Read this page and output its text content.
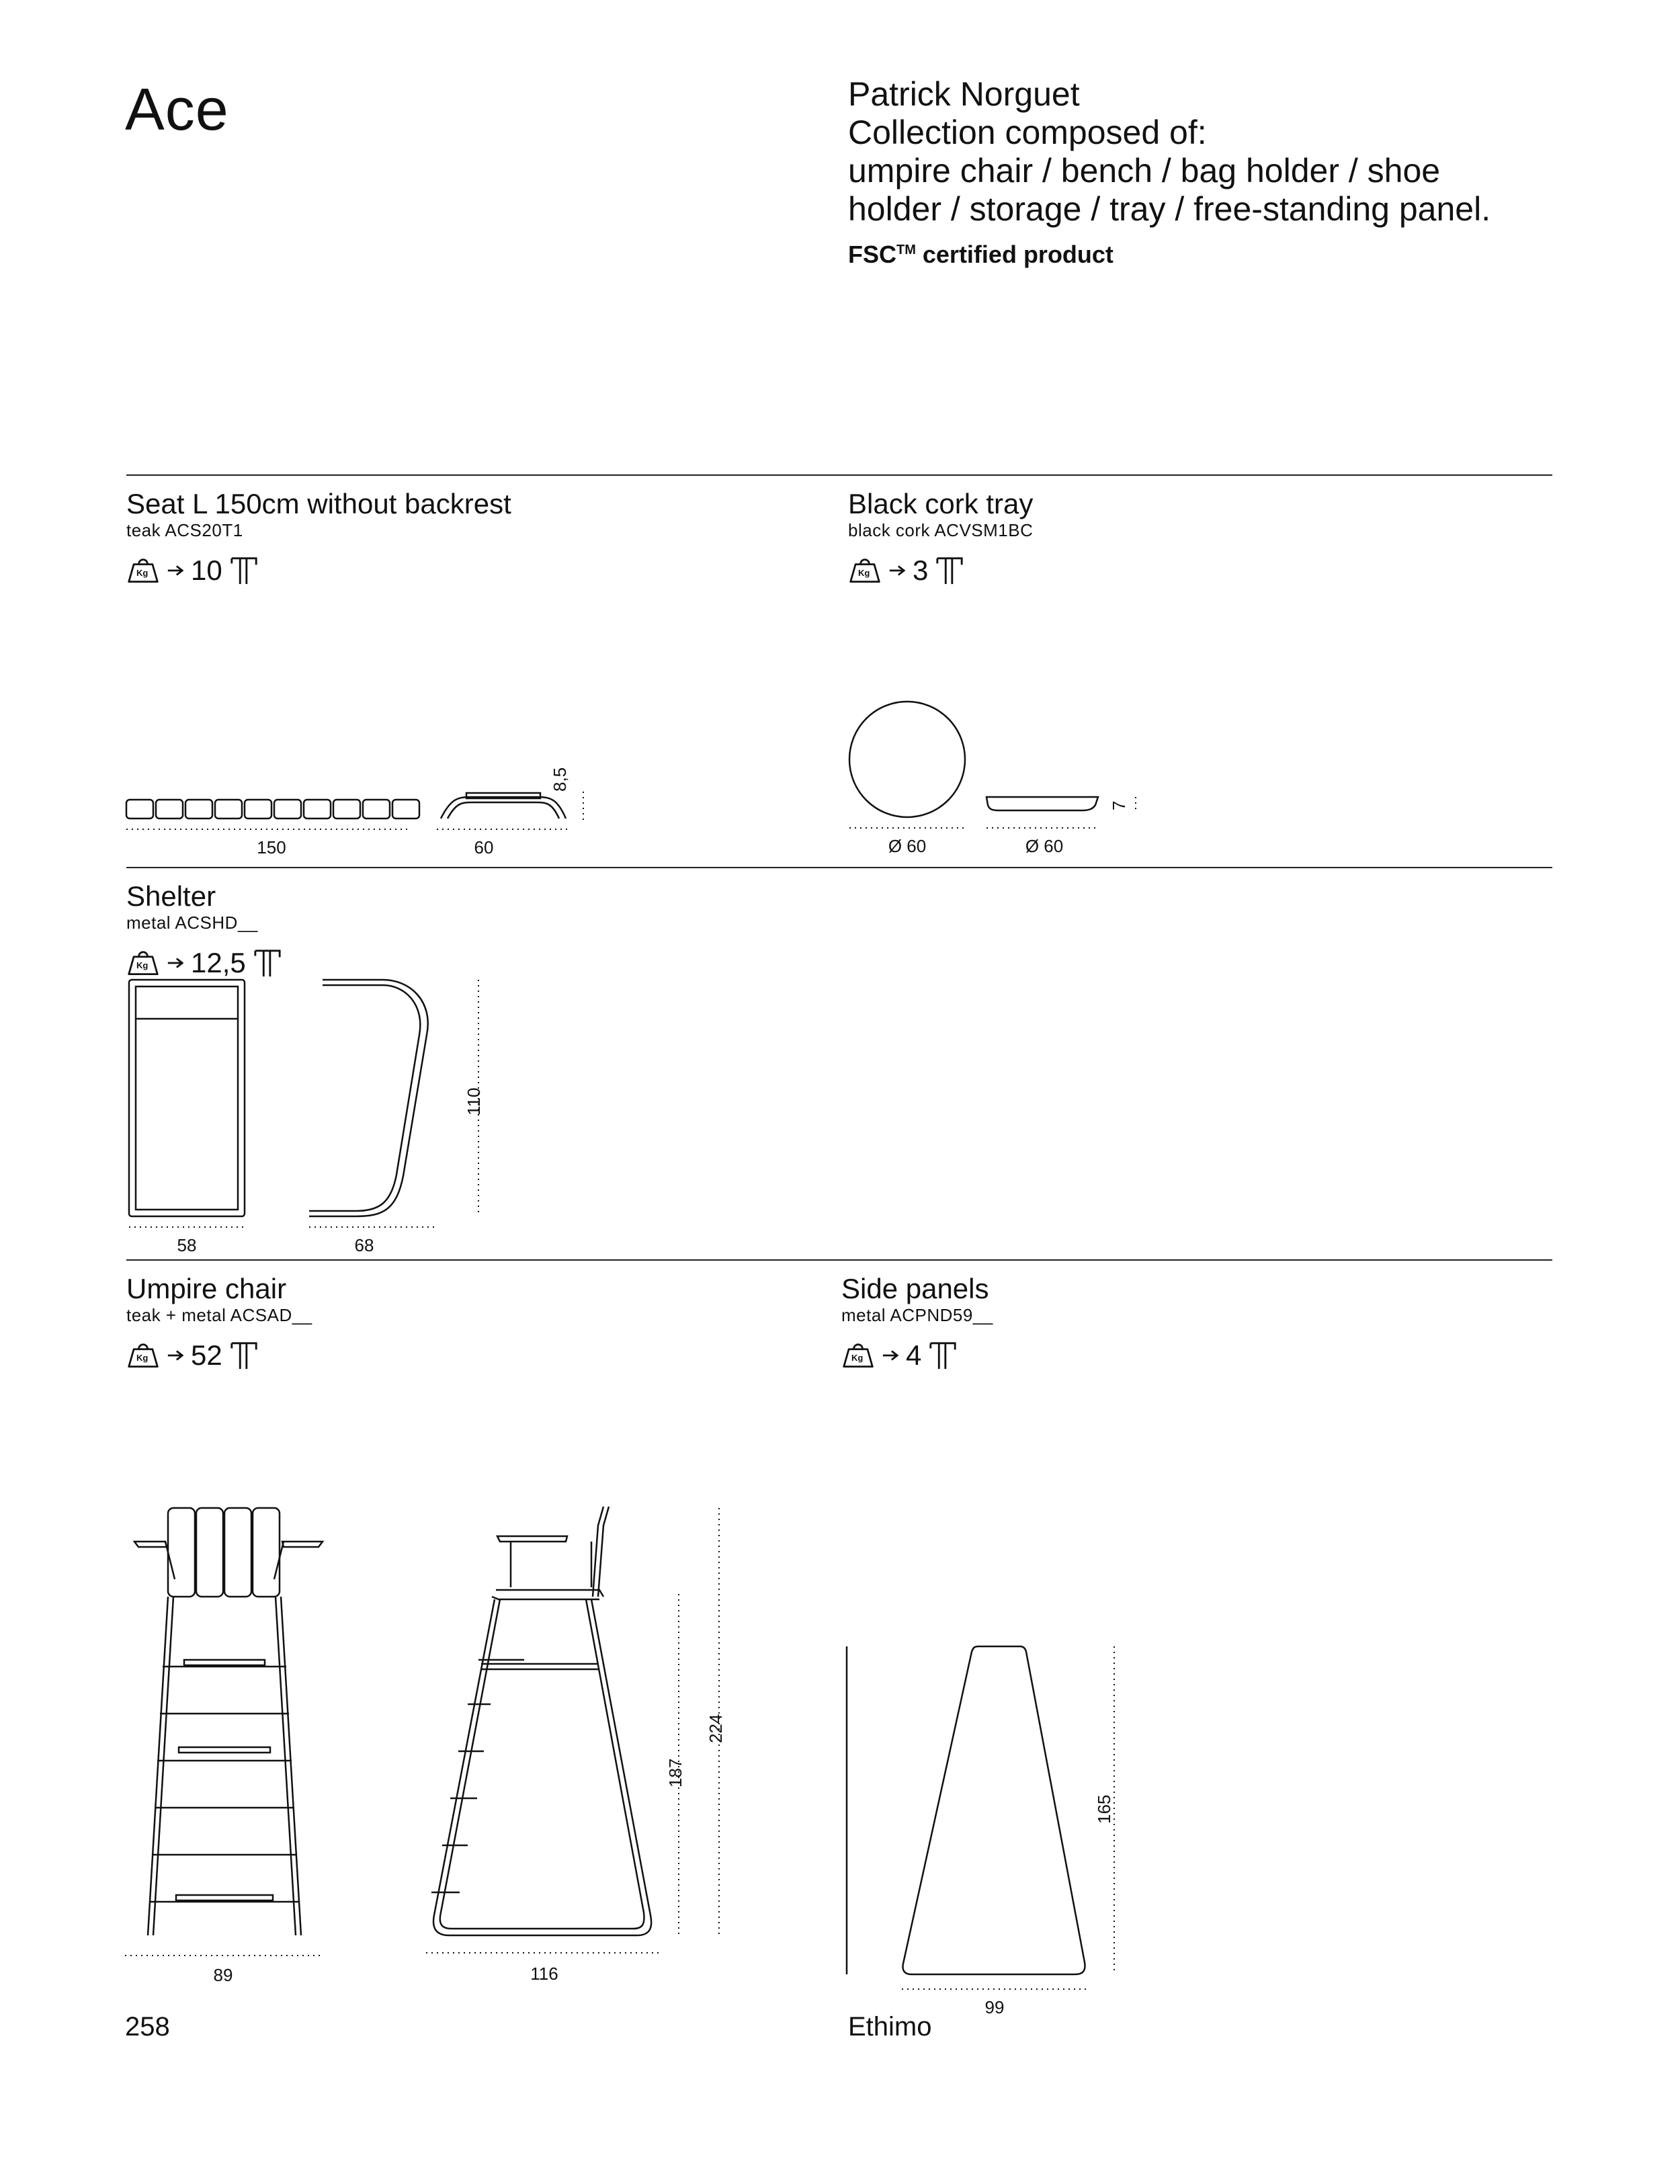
Ace	Patrick Norguet
Collection composed of:
umpire chair / bench / bag holder / shoe
holder / storage / tray / free-standing panel.
FSC™ certified product
Seat L 150cm without backrest
teak ACS20T1
Kg 10
150	60
8,5
Black cork tray
black cork ACVSM1BC
Kg 3
Ø 60	Ø 60
7
Shelter
metal ACSHD__
Kg 12,5
58	68
110
Umpire chair
teak + metal ACSAD__
Kg 52
89	116
187
224
Side panels
metal ACPND59__
Kg 4
99
165
258	Ethimo
